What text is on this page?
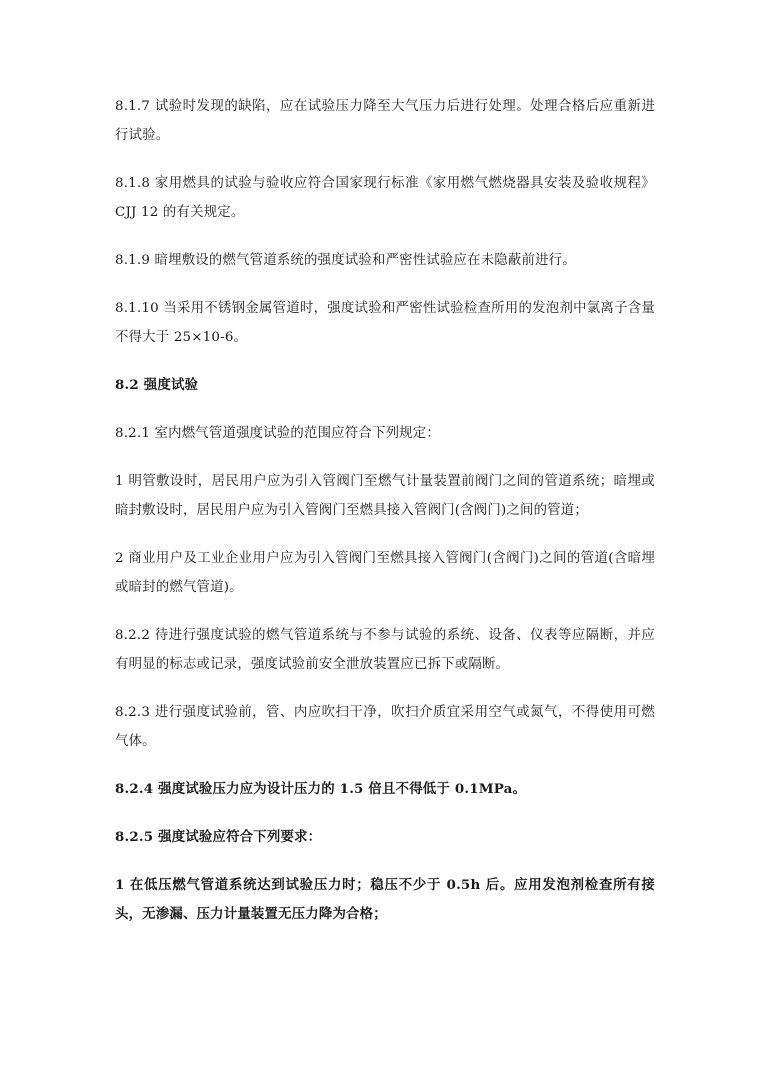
8.1.7 试验时发现的缺陷，应在试验压力降至大气压力后进行处理。处理合格后应重新进行试验。

8.1.8 家用燃具的试验与验收应符合国家现行标准《家用燃气燃烧器具安装及验收规程》CJJ 12 的有关规定。

8.1.9 暗埋敷设的燃气管道系统的强度试验和严密性试验应在未隐蔽前进行。

8.1.10 当采用不锈钢金属管道时，强度试验和严密性试验检查所用的发泡剂中氯离子含量不得大于 25×10-6。

8.2 强度试验

8.2.1 室内燃气管道强度试验的范围应符合下列规定：

1 明管敷设时，居民用户应为引入管阀门至燃气计量装置前阀门之间的管道系统；暗埋或暗封敷设时，居民用户应为引入管阀门至燃具接入管阀门(含阀门)之间的管道；

2 商业用户及工业企业用户应为引入管阀门至燃具接入管阀门(含阀门)之间的管道(含暗埋或暗封的燃气管道)。

8.2.2 待进行强度试验的燃气管道系统与不参与试验的系统、设备、仪表等应隔断，并应有明显的标志或记录，强度试验前安全泄放装置应已拆下或隔断。

8.2.3 进行强度试验前，管、内应吹扫干净，吹扫介质宜采用空气或氮气，不得使用可燃气体。

8.2.4 强度试验压力应为设计压力的 1.5 倍且不得低于 0.1MPa。

8.2.5 强度试验应符合下列要求：

1 在低压燃气管道系统达到试验压力时；稳压不少于 0.5h 后。应用发泡剂检查所有接头，无渗漏、压力计量装置无压力降为合格；
